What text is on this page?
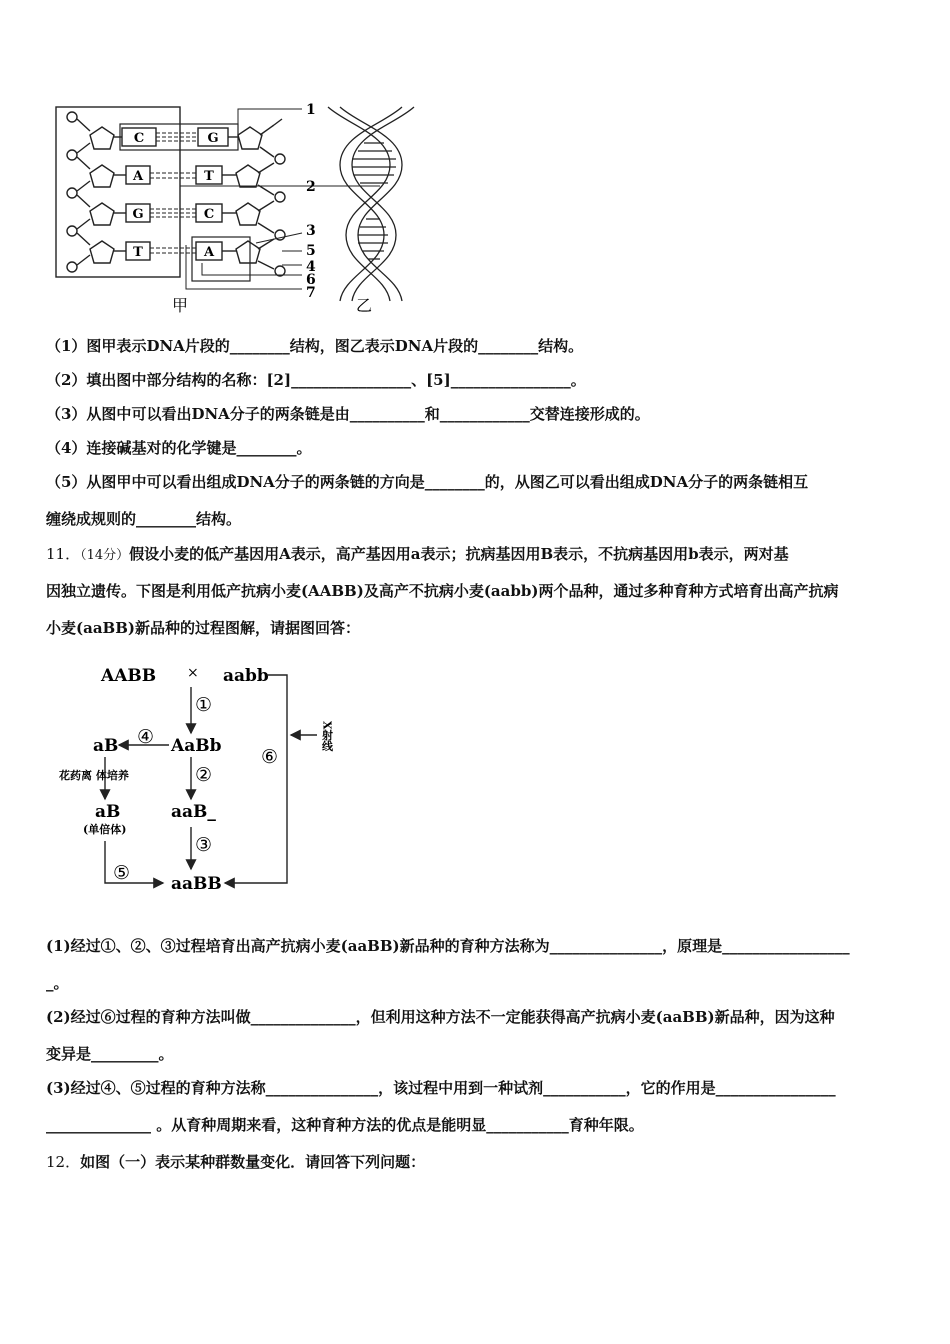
C
A
G
T
G
T
C
A
1
2
3
5
4
6
7
甲	乙
（1）图甲表示DNA片段的________结构，图乙表示DNA片段的________结构。
（2）填出图中部分结构的名称：[2]________________、[5]________________。
（3）从图中可以看出DNA分子的两条链是由__________和____________交替连接形成的。
（4）连接碱基对的化学键是________。
（5）从图甲中可以看出组成DNA分子的两条链的方向是________的，从图乙可以看出组成DNA分子的两条链相互
缠绕成规则的________结构。
11．（14分）假设小麦的低产基因用A表示，高产基因用a表示；抗病基因用B表示，不抗病基因用b表示，两对基
因独立遗传。下图是利用低产抗病小麦(AABB)及高产不抗病小麦(aabb)两个品种，通过多种育种方式培育出高产抗病
小麦(aaBB)新品种的过程图解，请据图回答：
AABB × aabb
AaBb
aB
花药离 体培养
aB
(单倍体)
aaB_
aaBB
①
②
③
④
⑤
⑥
X射线
(1)经过①、②、③过程培育出高产抗病小麦(aaBB)新品种的育种方法称为_______________，原理是_________________
_。
(2)经过⑥过程的育种方法叫做______________，但利用这种方法不一定能获得高产抗病小麦(aaBB)新品种，因为这种
变异是_________。
(3)经过④、⑤过程的育种方法称_______________，该过程中用到一种试剂___________，它的作用是________________
______________ 。从育种周期来看，这种育种方法的优点是能明显___________育种年限。
12．如图（一）表示某种群数量变化．请回答下列问题：
